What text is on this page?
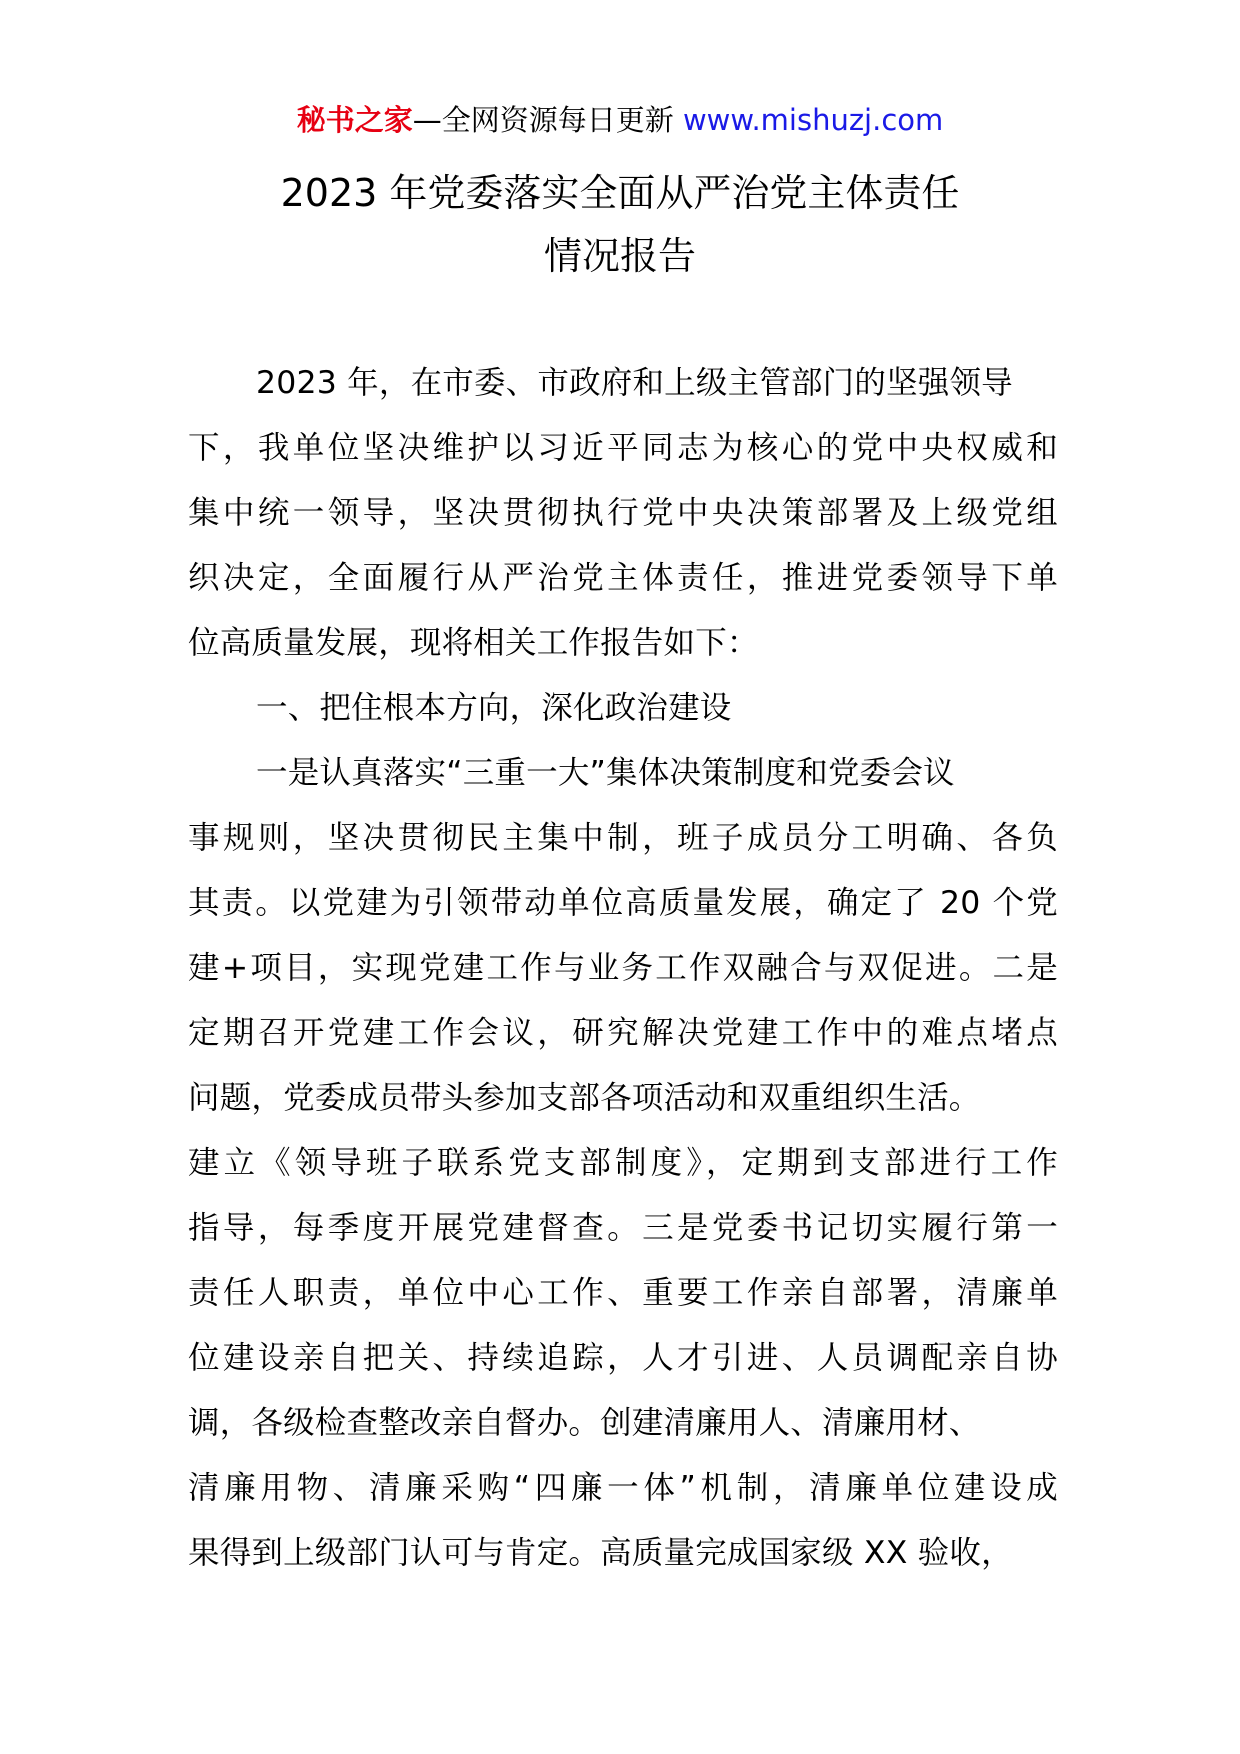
秘书之家—全网资源每日更新 www.mishuzj.com
2023 年党委落实全面从严治党主体责任
情况报告
2023 年，在市委、市政府和上级主管部门的坚强领导
下，我单位坚决维护以习近平同志为核心的党中央权威和
集中统一领导，坚决贯彻执行党中央决策部署及上级党组
织决定，全面履行从严治党主体责任，推进党委领导下单
位高质量发展，现将相关工作报告如下：
一、把住根本方向，深化政治建设
一是认真落实“三重一大”集体决策制度和党委会议
事规则，坚决贯彻民主集中制，班子成员分工明确、各负
其责。以党建为引领带动单位高质量发展，确定了 20 个党
建+项目，实现党建工作与业务工作双融合与双促进。二是
定期召开党建工作会议，研究解决党建工作中的难点堵点
问题，党委成员带头参加支部各项活动和双重组织生活。
建立《领导班子联系党支部制度》，定期到支部进行工作
指导，每季度开展党建督查。三是党委书记切实履行第一
责任人职责，单位中心工作、重要工作亲自部署，清廉单
位建设亲自把关、持续追踪，人才引进、人员调配亲自协
调，各级检查整改亲自督办。创建清廉用人、清廉用材、
清廉用物、清廉采购“四廉一体”机制，清廉单位建设成
果得到上级部门认可与肯定。高质量完成国家级 XX 验收，
